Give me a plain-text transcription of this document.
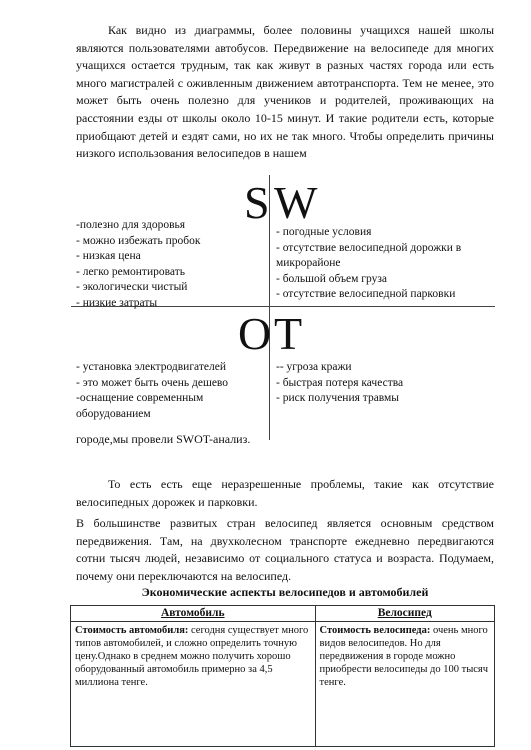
Как видно из диаграммы, более половины учащихся нашей школы являются пользователями автобусов. Передвижение на велосипеде для многих учащихся остается трудным, так как живут в разных частях города или есть много магистралей с оживленным движением автотранспорта. Тем не менее, это может быть очень полезно для учеников и родителей, проживающих на расстоянии езды от школы около 10-15 минут. И такие родители есть, которые приобщают детей и ездят сами, но их не так много. Чтобы определить причины низкого использования велосипедов в нашем

S W
O T
-полезно для здоровья
- можно избежать пробок
- низкая цена
- легко ремонтировать
- экологически чистый
- низкие затраты
- погодные условия
- отсутствие велосипедной дорожки в микрорайоне
- большой объем груза
- отсутствие велосипедной парковки
- установка электродвигателей
- это может быть очень дешево
-оснащение современным оборудованием
-- угроза кражи
- быстрая потеря качества
- риск получения травмы

городе,мы провели SWOT-анализ.

То есть есть еще неразрешенные проблемы, такие как отсутствие велосипедных дорожек и парковки.

В большинстве развитых стран велосипед является основным средством передвижения. Там, на двухколесном транспорте ежедневно передвигаются сотни тысяч людей, независимо от социального статуса и возраста. Подумаем, почему они переключаются на велосипед.

Экономические аспекты велосипедов и автомобилей

Автомобиль	Велосипед
Стоимость автомобиля: сегодня существует много типов автомобилей, и сложно определить точную цену.Однако в среднем можно получить хорошо оборудованный автомобиль примерно за 4,5 миллиона тенге.	Стоимость велосипеда: очень много видов велосипедов. Но для передвижения в городе можно приобрести велосипеды до 100 тысяч тенге.
